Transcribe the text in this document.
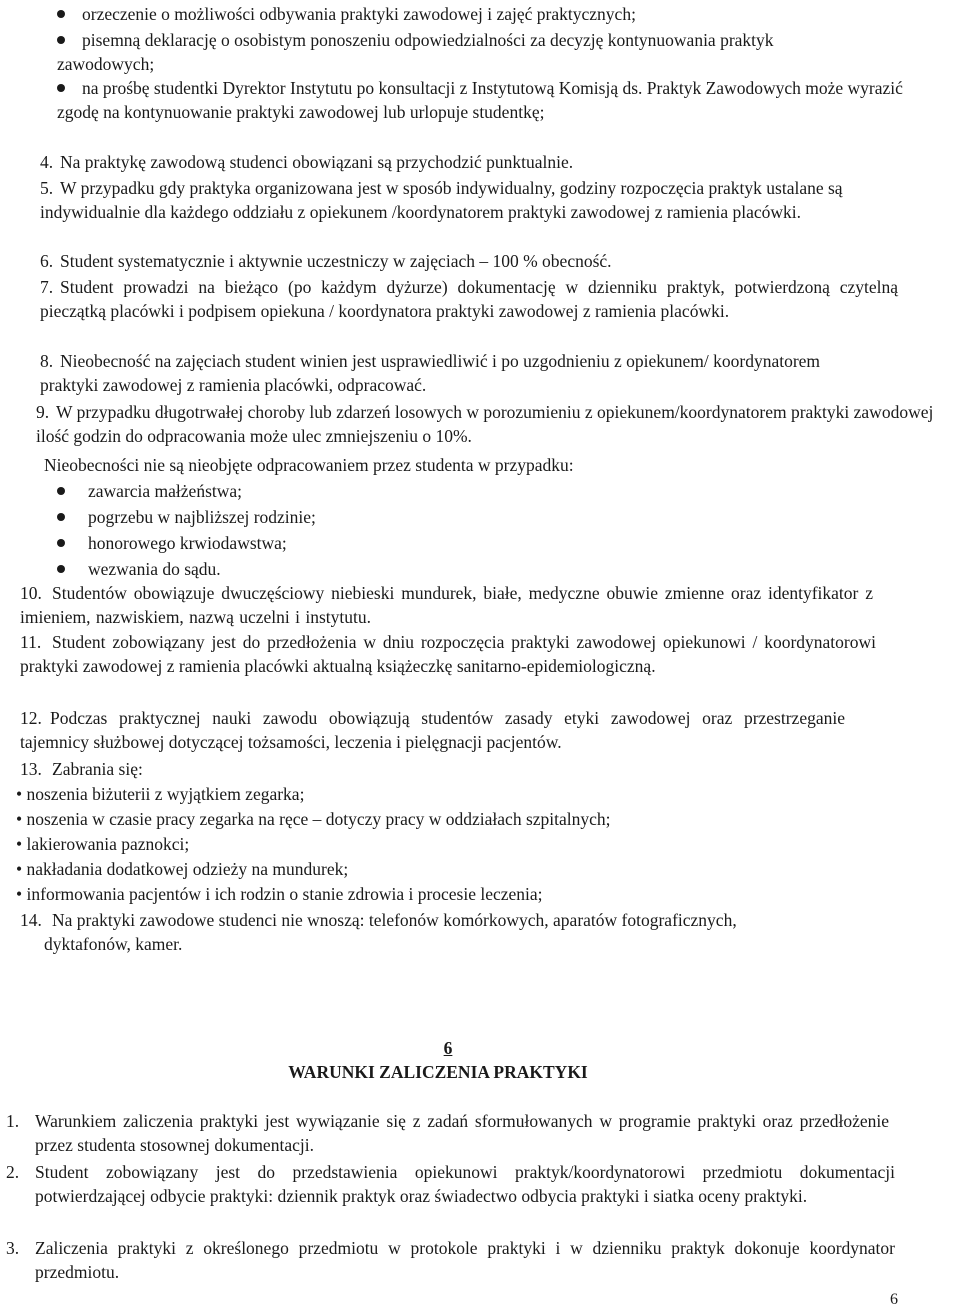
orzeczenie o możliwości odbywania praktyki zawodowej i zajęć praktycznych;
pisemną deklarację o osobistym ponoszeniu odpowiedzialności za decyzję kontynuowania praktyk zawodowych;
na prośbę studentki Dyrektor Instytutu po konsultacji z Instytutową Komisją ds. Praktyk Zawodowych może wyrazić zgodę na kontynuowanie praktyki zawodowej lub urlopuje studentkę;
4. Na praktykę zawodową studenci obowiązani są przychodzić punktualnie.
5. W przypadku gdy praktyka organizowana jest w sposób indywidualny, godziny rozpoczęcia praktyk ustalane są indywidualnie dla każdego oddziału z opiekunem /koordynatorem praktyki zawodowej z ramienia placówki.
6. Student systematycznie i aktywnie uczestniczy w zajęciach – 100 % obecność.
7. Student prowadzi na bieżąco (po każdym dyżurze) dokumentację w dzienniku praktyk, potwierdzoną czytelną pieczątką placówki i podpisem opiekuna / koordynatora praktyki zawodowej z ramienia placówki.
8. Nieobecność na zajęciach student winien jest usprawiedliwić i po uzgodnieniu z opiekunem/ koordynatorem praktyki zawodowej z ramienia placówki, odpracować.
9. W przypadku długotrwałej choroby lub zdarzeń losowych w porozumieniu z opiekunem/koordynatorem praktyki zawodowej ilość godzin do odpracowania może ulec zmniejszeniu o 10%.
Nieobecności nie są nieobjęte odpracowaniem przez studenta w przypadku:
zawarcia małżeństwa;
pogrzebu w najbliższej rodzinie;
honorowego krwiodawstwa;
wezwania do sądu.
10. Studentów obowiązuje dwuczęściowy niebieski mundurek, białe, medyczne obuwie zmienne oraz identyfikator z imieniem, nazwiskiem, nazwą uczelni i instytutu.
11. Student zobowiązany jest do przedłożenia w dniu rozpoczęcia praktyki zawodowej opiekunowi / koordynatorowi praktyki zawodowej z ramienia placówki aktualną książeczkę sanitarno-epidemiologiczną.
12. Podczas praktycznej nauki zawodu obowiązują studentów zasady etyki zawodowej oraz przestrzeganie tajemnicy służbowej dotyczącej tożsamości, leczenia i pielęgnacji pacjentów.
13. Zabrania się:
• noszenia biżuterii z wyjątkiem zegarka;
• noszenia w czasie pracy zegarka na ręce – dotyczy pracy w oddziałach szpitalnych;
• lakierowania paznokci;
• nakładania dodatkowej odzieży na mundurek;
• informowania pacjentów i ich rodzin o stanie zdrowia i procesie leczenia;
14. Na praktyki zawodowe studenci nie wnoszą: telefonów komórkowych, aparatów fotograficznych, dyktafonów, kamer.
6
WARUNKI ZALICZENIA PRAKTYKI
1. Warunkiem zaliczenia praktyki jest wywiązanie się z zadań sformułowanych w programie praktyki oraz przedłożenie przez studenta stosownej dokumentacji.
2. Student zobowiązany jest do przedstawienia opiekunowi praktyk/koordynatorowi przedmiotu dokumentacji potwierdzającej odbycie praktyki: dziennik praktyk oraz świadectwo odbycia praktyki i siatka oceny praktyki.
3. Zaliczenia praktyki z określonego przedmiotu w protokole praktyki i w dzienniku praktyk dokonuje koordynator przedmiotu.
6
